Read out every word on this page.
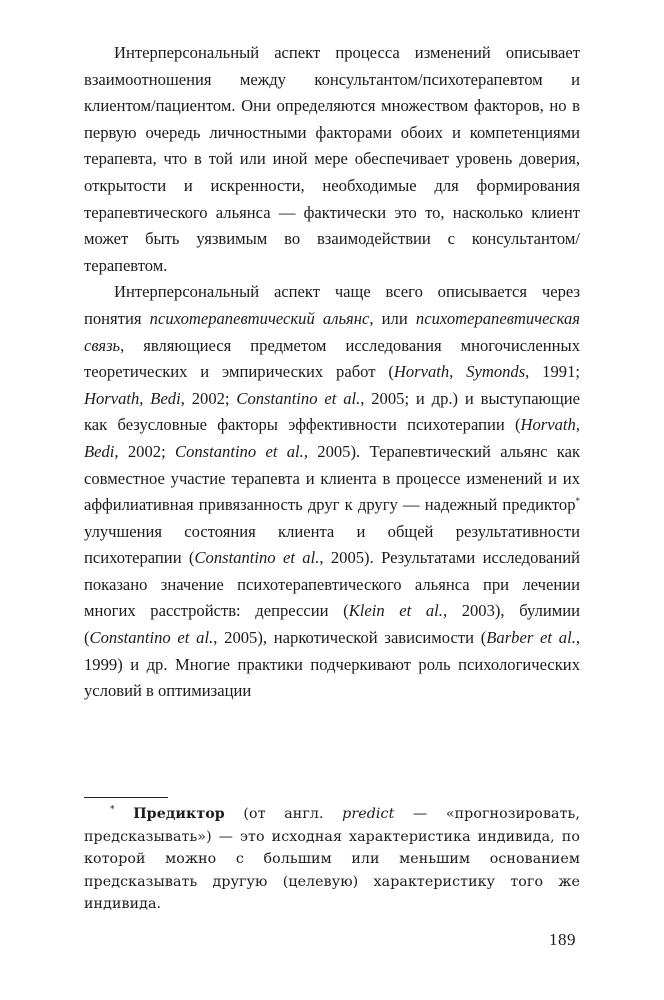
Интерперсональный аспект процесса изменений описывает взаимоотношения между консультантом/психотерапевтом и клиентом/пациентом. Они определяются множеством факторов, но в первую очередь личностными факторами обоих и компетенциями терапевта, что в той или иной мере обеспечивает уровень доверия, открытости и искренности, необходимые для формирования терапевтического альянса — фактически это то, насколько клиент может быть уязвимым во взаимодействии с консультантом/терапевтом.

Интерперсональный аспект чаще всего описывается через понятия психотерапевтический альянс, или психотерапевтическая связь, являющиеся предметом исследования многочисленных теоретических и эмпирических работ (Horvath, Symonds, 1991; Horvath, Bedi, 2002; Constantino et al., 2005; и др.) и выступающие как безусловные факторы эффективности психотерапии (Horvath, Bedi, 2002; Constantino et al., 2005). Терапевтический альянс как совместное участие терапевта и клиента в процессе изменений и их аффилиативная привязанность друг к другу — надежный предиктор* улучшения состояния клиента и общей результативности психотерапии (Constantino et al., 2005). Результатами исследований показано значение психотерапевтического альянса при лечении многих расстройств: депрессии (Klein et al., 2003), булимии (Constantino et al., 2005), наркотической зависимости (Barber et al., 1999) и др. Многие практики подчеркивают роль психологических условий в оптимизации

* Предиктор (от англ. predict — «прогнозировать, предсказывать») — это исходная характеристика индивида, по которой можно с большим или меньшим основанием предсказывать другую (целевую) характеристику того же индивида.

189
